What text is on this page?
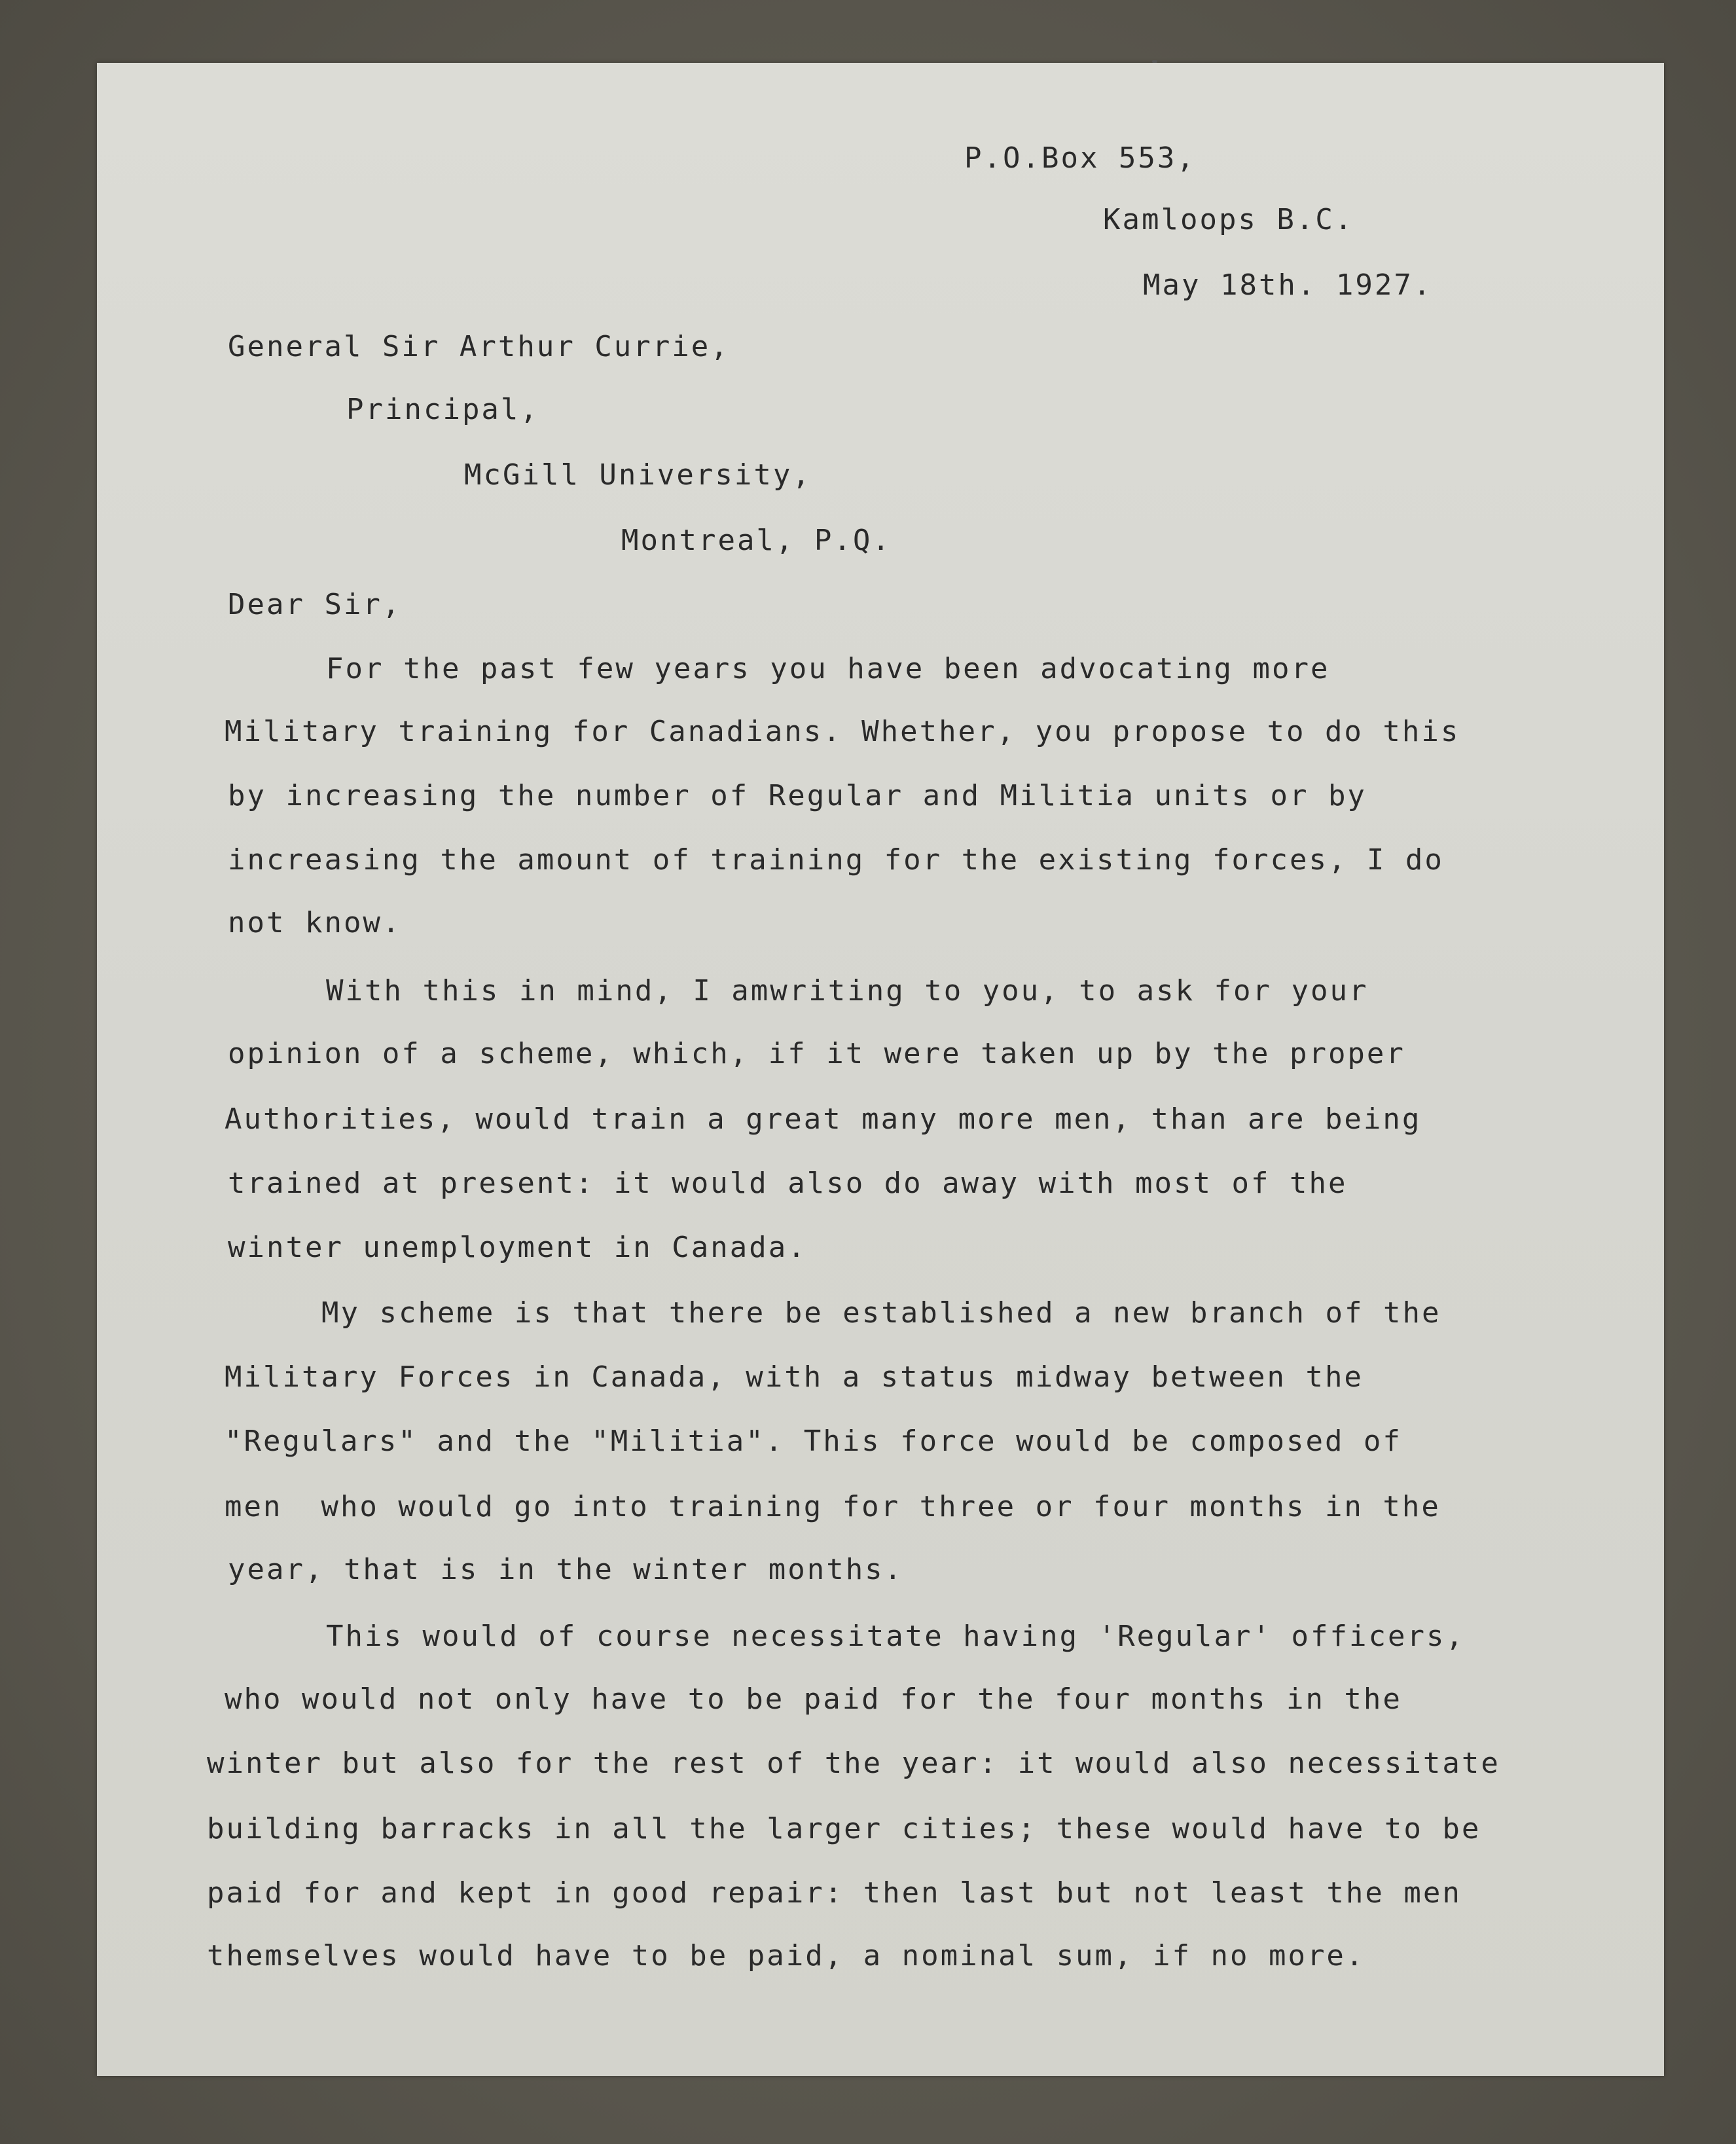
P.O.Box 553,

Kamloops B.C.

May 18th. 1927.

General Sir Arthur Currie,

Principal,

McGill University,

Montreal, P.Q.

Dear Sir,

For the past few years you have been advocating more

Military training for Canadians. Whether, you propose to do this

by increasing the number of Regular and Militia units or by

increasing the amount of training for the existing forces, I do

not know.

With this in mind, I amwriting to you, to ask for your

opinion of a scheme, which, if it were taken up by the proper

Authorities, would train a great many more men, than are being

trained at present: it would also do away with most of the

winter unemployment in Canada.

My scheme is that there be established a new branch of the

Military Forces in Canada, with a status midway between the

"Regulars" and the "Militia". This force would be composed of

men  who would go into training for three or four months in the

year, that is in the winter months.

This would of course necessitate having 'Regular' officers,

who would not only have to be paid for the four months in the

winter but also for the rest of the year: it would also necessitate

building barracks in all the larger cities; these would have to be

paid for and kept in good repair: then last but not least the men

themselves would have to be paid, a nominal sum, if no more.
